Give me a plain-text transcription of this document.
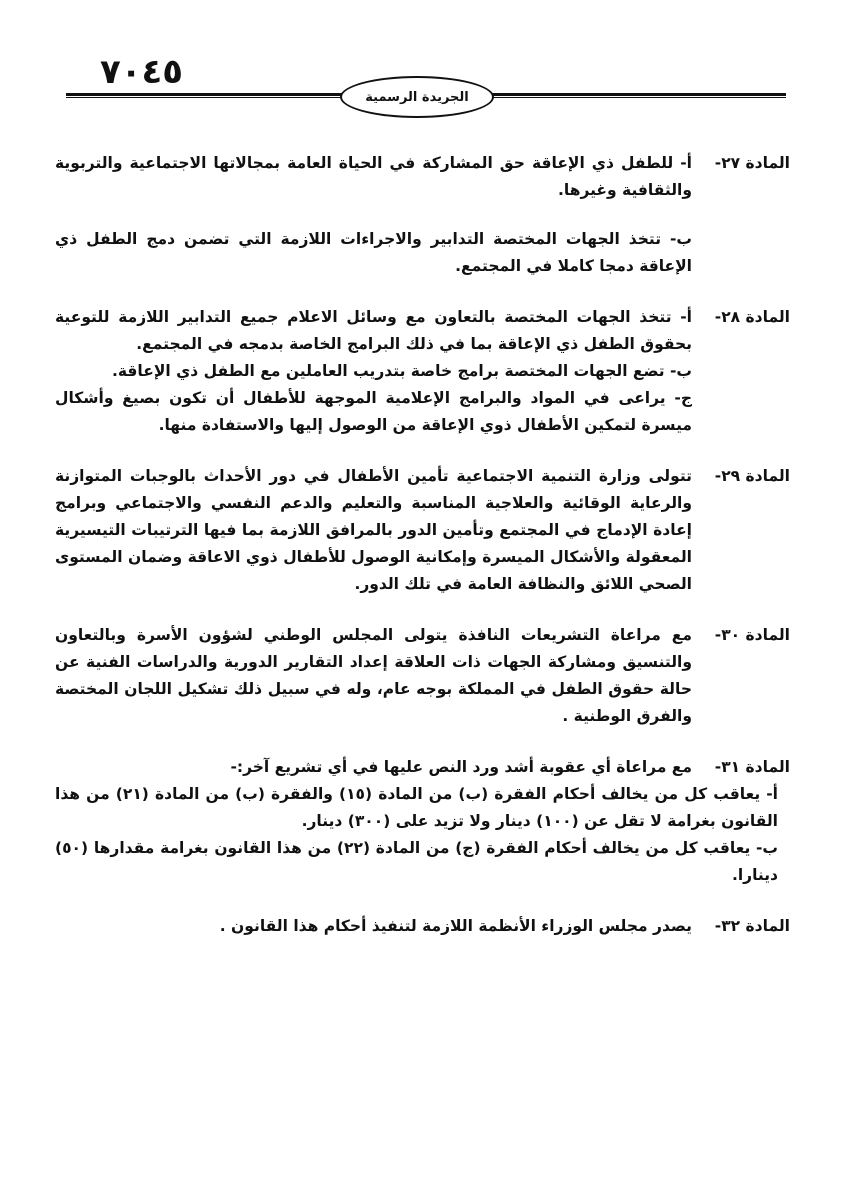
٧٠٤٥
الجريدة الرسمية
المادة ٢٧-

أ- للطفل ذي الإعاقة حق المشاركة في الحياة العامة بمجالاتها الاجتماعية والتربوية والثقافية وغيرها.

ب- تتخذ الجهات المختصة التدابير والاجراءات اللازمة التي تضمن دمج الطفل ذي الإعاقة دمجا كاملا في المجتمع.

المادة ٢٨-

أ- تتخذ الجهات المختصة بالتعاون مع وسائل الاعلام جميع التدابير اللازمة للتوعية بحقوق الطفل ذي الإعاقة بما في ذلك البرامج الخاصة بدمجه في المجتمع.

ب- تضع الجهات المختصة برامج خاصة بتدريب العاملين مع الطفل ذي الإعاقة.

ج- يراعى في المواد والبرامج الإعلامية الموجهة للأطفال أن تكون بصيغ وأشكال ميسرة لتمكين الأطفال ذوي الإعاقة من الوصول إليها والاستفادة منها.

المادة ٢٩-

تتولى وزارة التنمية الاجتماعية تأمين الأطفال في دور الأحداث بالوجبات المتوازنة والرعاية الوقائية والعلاجية المناسبة والتعليم والدعم النفسي والاجتماعي وبرامج إعادة الإدماج في المجتمع وتأمين الدور بالمرافق اللازمة بما فيها الترتيبات التيسيرية المعقولة والأشكال الميسرة وإمكانية الوصول للأطفال ذوي الاعاقة وضمان المستوى الصحي اللائق والنظافة العامة في تلك الدور.

المادة ٣٠-

مع مراعاة التشريعات النافذة يتولى المجلس الوطني لشؤون الأسرة وبالتعاون والتنسيق ومشاركة الجهات ذات العلاقة إعداد التقارير الدورية والدراسات الفنية عن حالة حقوق الطفل في المملكة بوجه عام، وله في سبيل ذلك تشكيل اللجان المختصة والفرق الوطنية .

المادة ٣١-

مع مراعاة أي عقوبة أشد ورد النص عليها في أي تشريع آخر:-

أ- يعاقب كل من يخالف أحكام الفقرة (ب) من المادة (١٥) والفقرة (ب) من المادة (٢١) من هذا القانون بغرامة لا تقل عن (١٠٠) دينار ولا تزيد على (٣٠٠) دينار.

ب- يعاقب كل من يخالف أحكام الفقرة (ج) من المادة (٢٢) من هذا القانون بغرامة مقدارها (٥٠) دينارا.

المادة ٣٢-

يصدر مجلس الوزراء الأنظمة اللازمة لتنفيذ أحكام هذا القانون .
